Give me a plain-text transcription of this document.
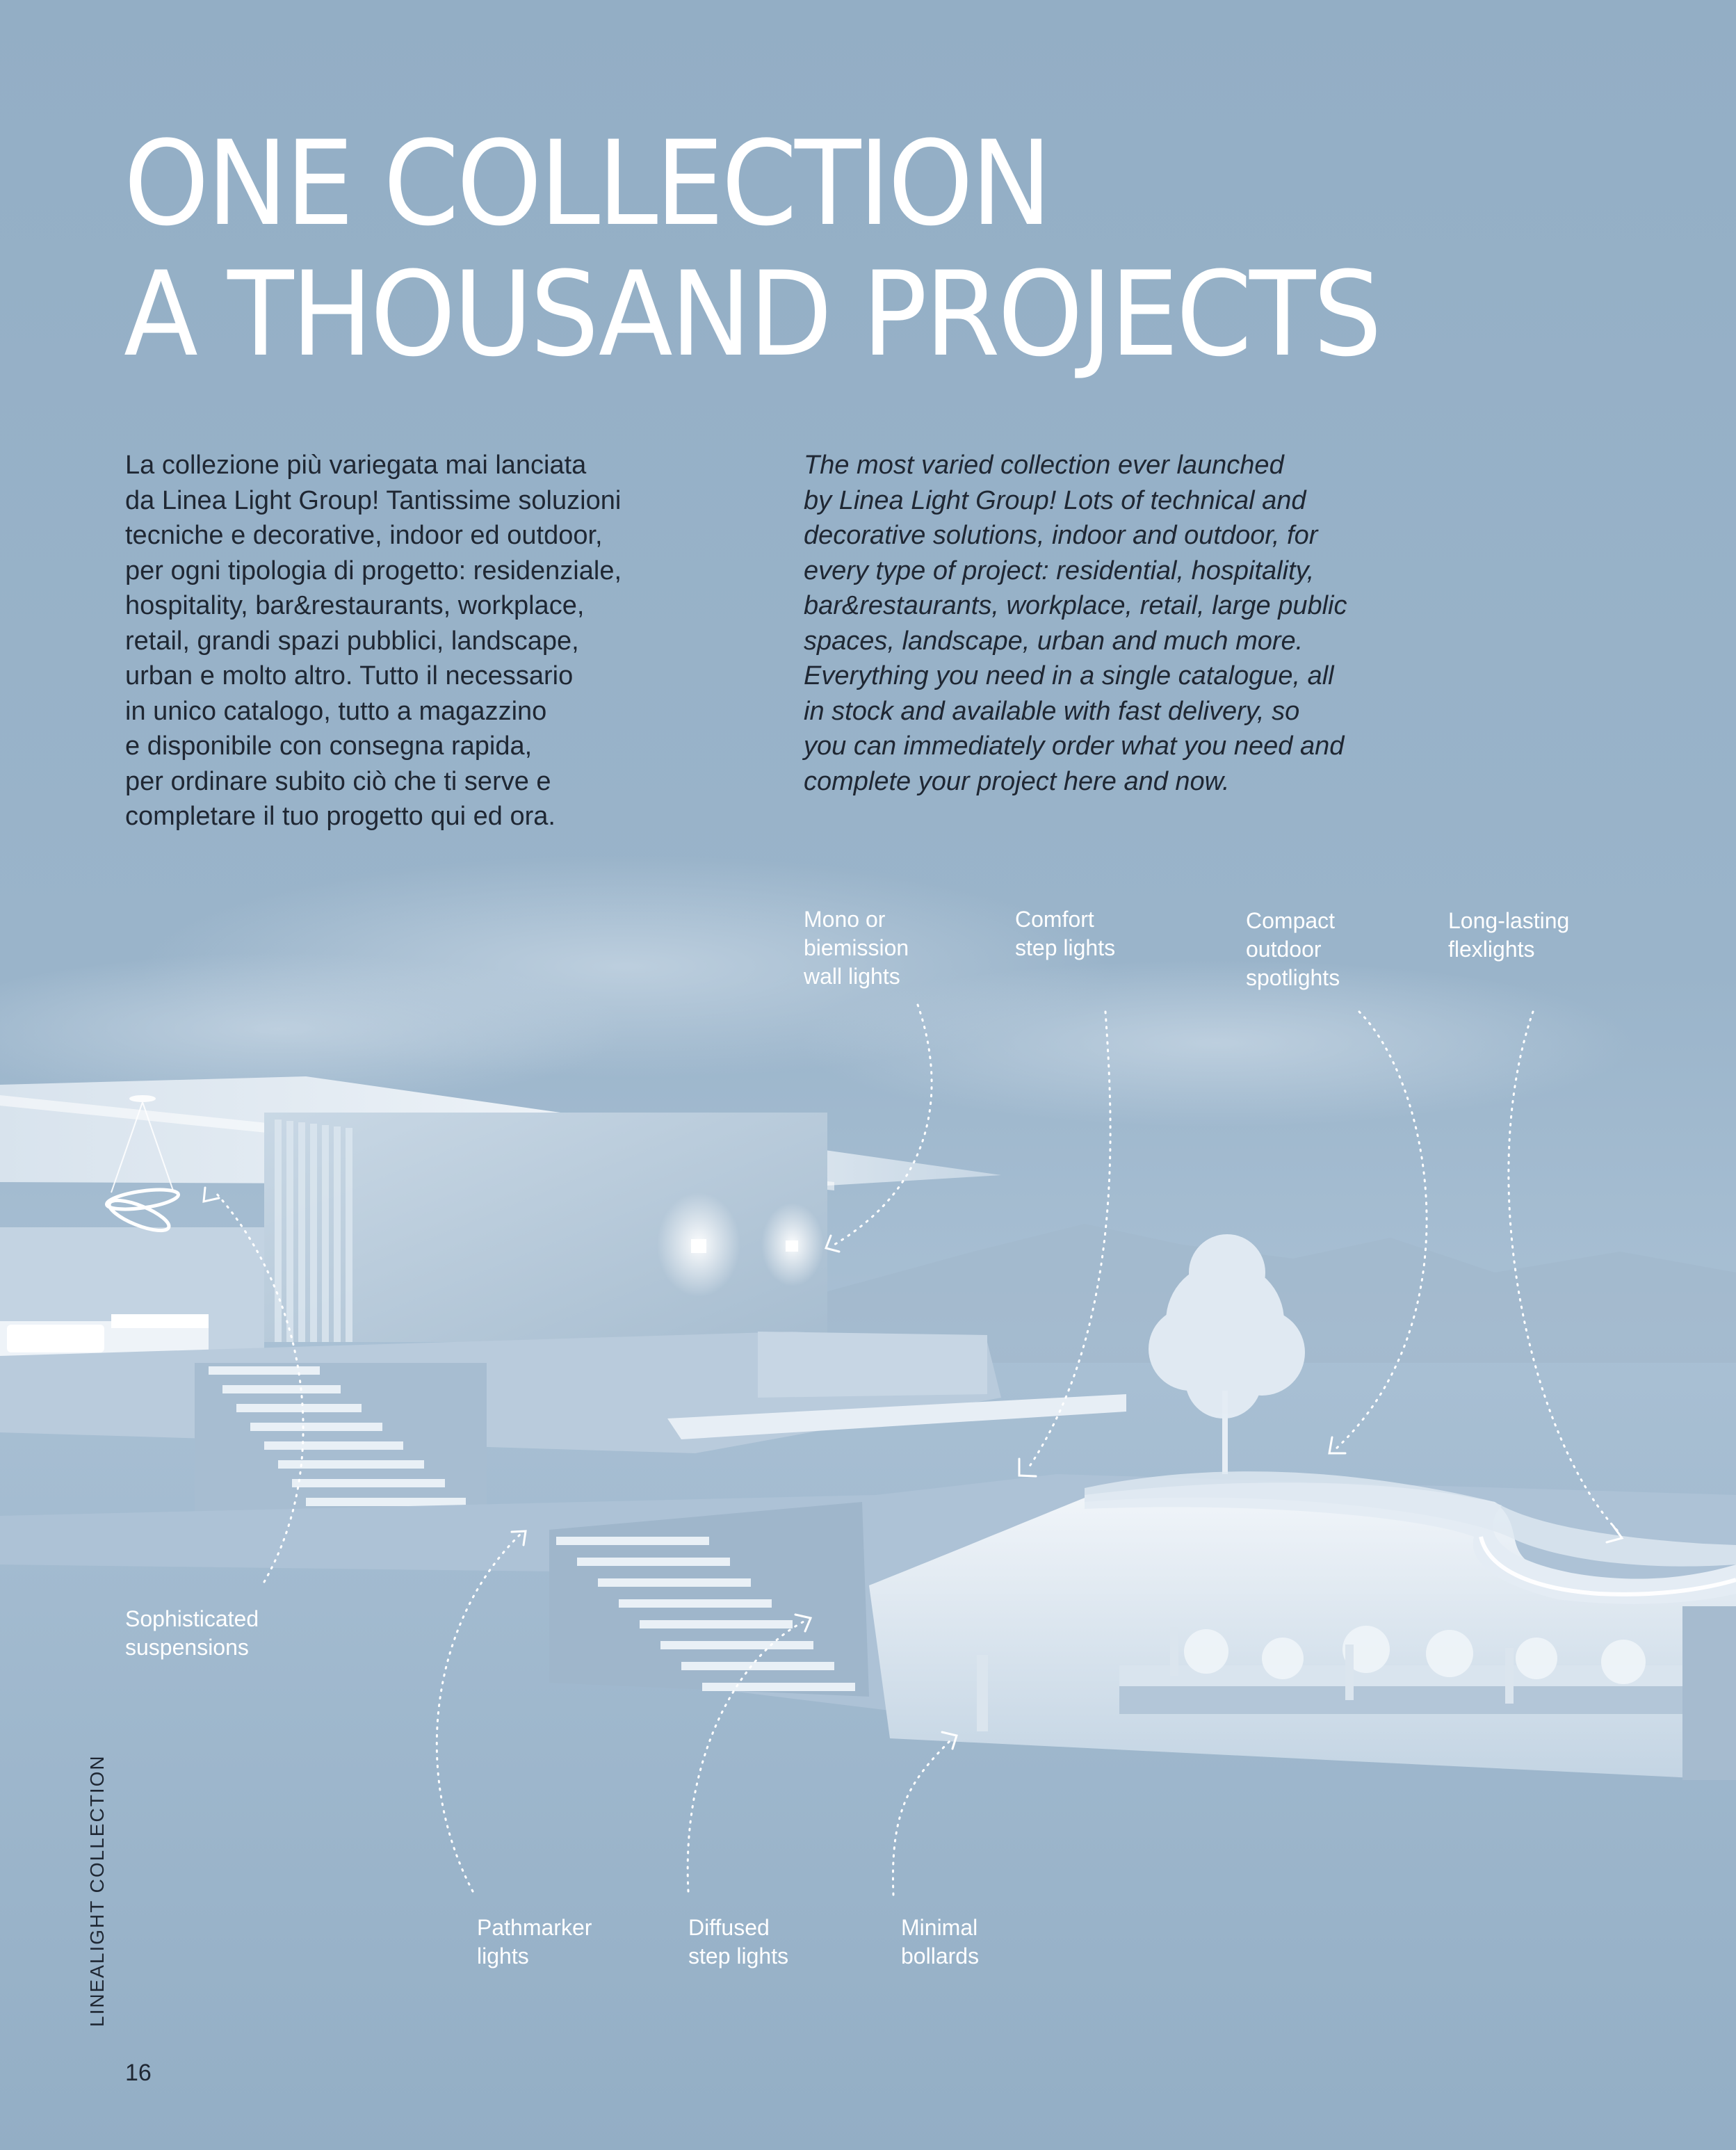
ONE COLLECTION
A THOUSAND PROJECTS

La collezione più variegata mai lanciata
da Linea Light Group! Tantissime soluzioni
tecniche e decorative, indoor ed outdoor,
per ogni tipologia di progetto: residenziale,
hospitality, bar&restaurants, workplace,
retail, grandi spazi pubblici, landscape,
urban e molto altro. Tutto il necessario
in unico catalogo, tutto a magazzino
e disponibile con consegna rapida,
per ordinare subito ciò che ti serve e
completare il tuo progetto qui ed ora.

The most varied collection ever launched
by Linea Light Group! Lots of technical and
decorative solutions, indoor and outdoor, for
every type of project: residential, hospitality,
bar&restaurants, workplace, retail, large public
spaces, landscape, urban and much more.
Everything you need in a single catalogue, all
in stock and available with fast delivery, so
you can immediately order what you need and
complete your project here and now.

Mono or
biemission
wall lights
Comfort
step lights
Compact
outdoor
spotlights
Long-lasting
flexlights
Sophisticated
suspensions
Pathmarker
lights
Diffused
step lights
Minimal
bollards
LINEALIGHT COLLECTION
16
